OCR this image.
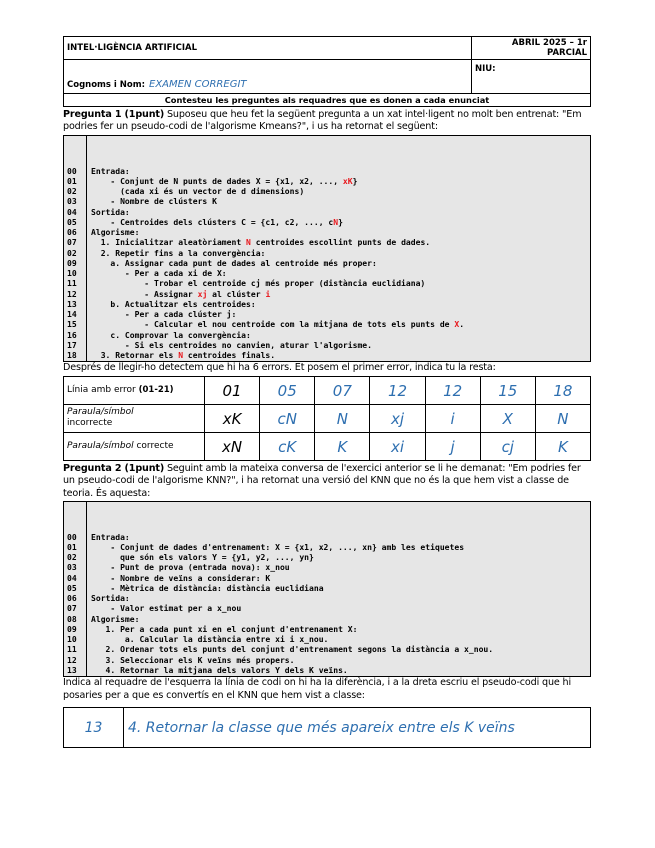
INTEL·LIGÈNCIA ARTIFICIAL	ABRIL 2025 – 1r PARCIAL
Cognoms i Nom: EXAMEN CORREGIT	NIU:
Contesteu les preguntes als requadres que es donen a cada enunciat	
Pregunta 1 (1punt) Suposeu que heu fet la següent pregunta a un xat intel·ligent no molt ben entrenat: "Em podries fer un pseudo-codi de l'algorisme Kmeans?", i us ha retornat el següent:

00	Entrada:
01	- Conjunt de N punts de dades X = {x1, x2, ..., xK}
02	(cada xi és un vector de d dimensions)
03	- Nombre de clústers K
04	Sortida:
05	- Centroides dels clústers C = {c1, c2, ..., cN}
06	Algorisme:
07	1. Inicialitzar aleatòriament N centroides escollint punts de dades.
02	2. Repetir fins a la convergència:
09	a. Assignar cada punt de dades al centroide més proper:
10	- Per a cada xi de X:
11	- Trobar el centroide cj més proper (distància euclidiana)
12	- Assignar xj al clúster i
13	b. Actualitzar els centroides:
14	- Per a cada clúster j:
15	- Calcular el nou centroide com la mitjana de tots els punts de X.
16	c. Comprovar la convergència:
17	- Si els centroides no canvien, aturar l'algorisme.
18	3. Retornar els N centroides finals.
Després de llegir-ho detectem que hi ha 6 errors. Et posem el primer error, indica tu la resta:
Línia amb error (01-21)	01	05	07	12	12	15	18
Paraula/símbol
incorrecte	xK	cN	N	xj	i	X	N
Paraula/símbol correcte	xN	cK	K	xi	j	cj	K
Pregunta 2 (1punt) Seguint amb la mateixa conversa de l'exercici anterior se li he demanat: "Em podries fer un pseudo-codi de l'algorisme KNN?", i ha retornat una versió del KNN que no és la que hem vist a classe de teoria. És aquesta:

00	Entrada:
01	- Conjunt de dades d'entrenament: X = {x1, x2, ..., xn} amb les etiquetes
02	que són els valors Y = {y1, y2, ..., yn}
03	- Punt de prova (entrada nova): x_nou
04	- Nombre de veïns a considerar: K
05	- Mètrica de distància: distància euclidiana
06	Sortida:
07	- Valor estimat per a x_nou
08	Algorisme:
09	1. Per a cada punt xi en el conjunt d'entrenament X:
10	a. Calcular la distància entre xi i x_nou.
11	2. Ordenar tots els punts del conjunt d'entrenament segons la distància a x_nou.
12	3. Seleccionar els K veïns més propers.
13	4. Retornar la mitjana dels valors Y dels K veïns.
Indica al requadre de l'esquerra la línia de codi on hi ha la diferència, i a la dreta escriu el pseudo-codi que hi posaries per a que es convertís en el KNN que hem vist a classe:
13 4. Retornar la classe que més apareix entre els K veïns
